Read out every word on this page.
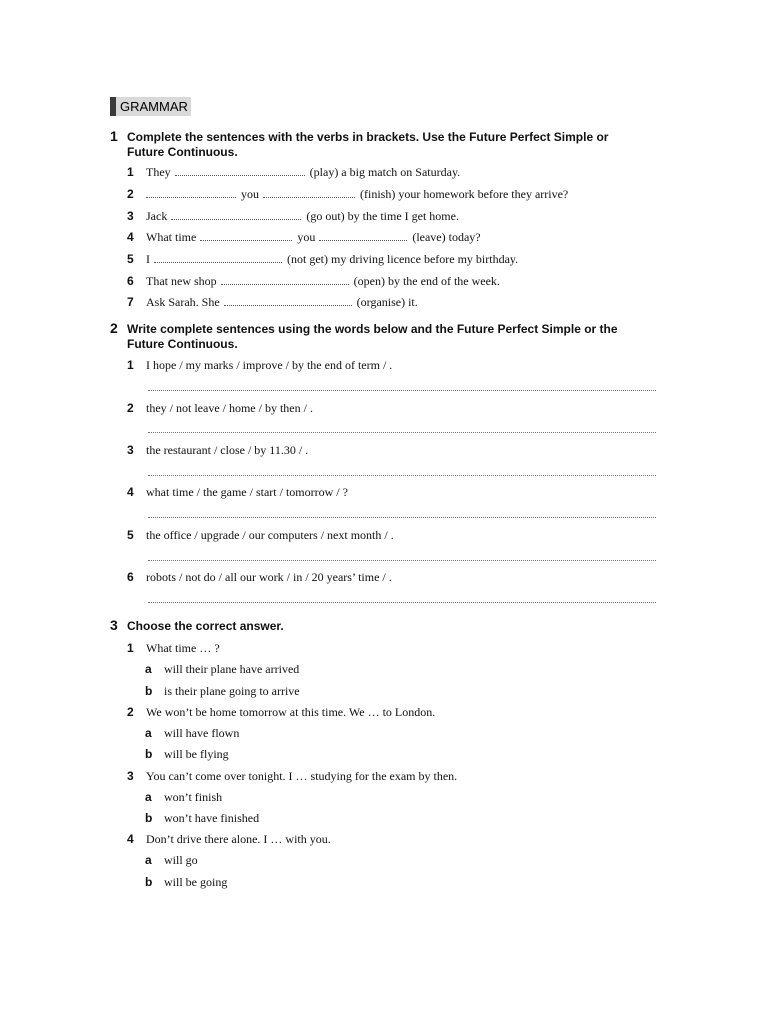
GRAMMAR
1 Complete the sentences with the verbs in brackets. Use the Future Perfect Simple or Future Continuous.
1 They	(play) a big match on Saturday.
2	you	(finish) your homework before they arrive?
3 Jack	(go out) by the time I get home.
4 What time	you	(leave) today?
5 I	(not get) my driving licence before my birthday.
6 That new shop	(open) by the end of the week.
7 Ask Sarah. She	(organise) it.
2 Write complete sentences using the words below and the Future Perfect Simple or the Future Continuous.
1 I hope / my marks / improve / by the end of term / .
2 they / not leave / home / by then / .
3 the restaurant / close / by 11.30 / .
4 what time / the game / start / tomorrow / ?
5 the office / upgrade / our computers / next month / .
6 robots / not do / all our work / in / 20 years’ time / .
3 Choose the correct answer.
1 What time … ?
a will their plane have arrived
b is their plane going to arrive
2 We won’t be home tomorrow at this time. We … to London.
a will have flown
b will be flying
3 You can’t come over tonight. I … studying for the exam by then.
a won’t finish
b won’t have finished
4 Don’t drive there alone. I … with you.
a will go
b will be going
